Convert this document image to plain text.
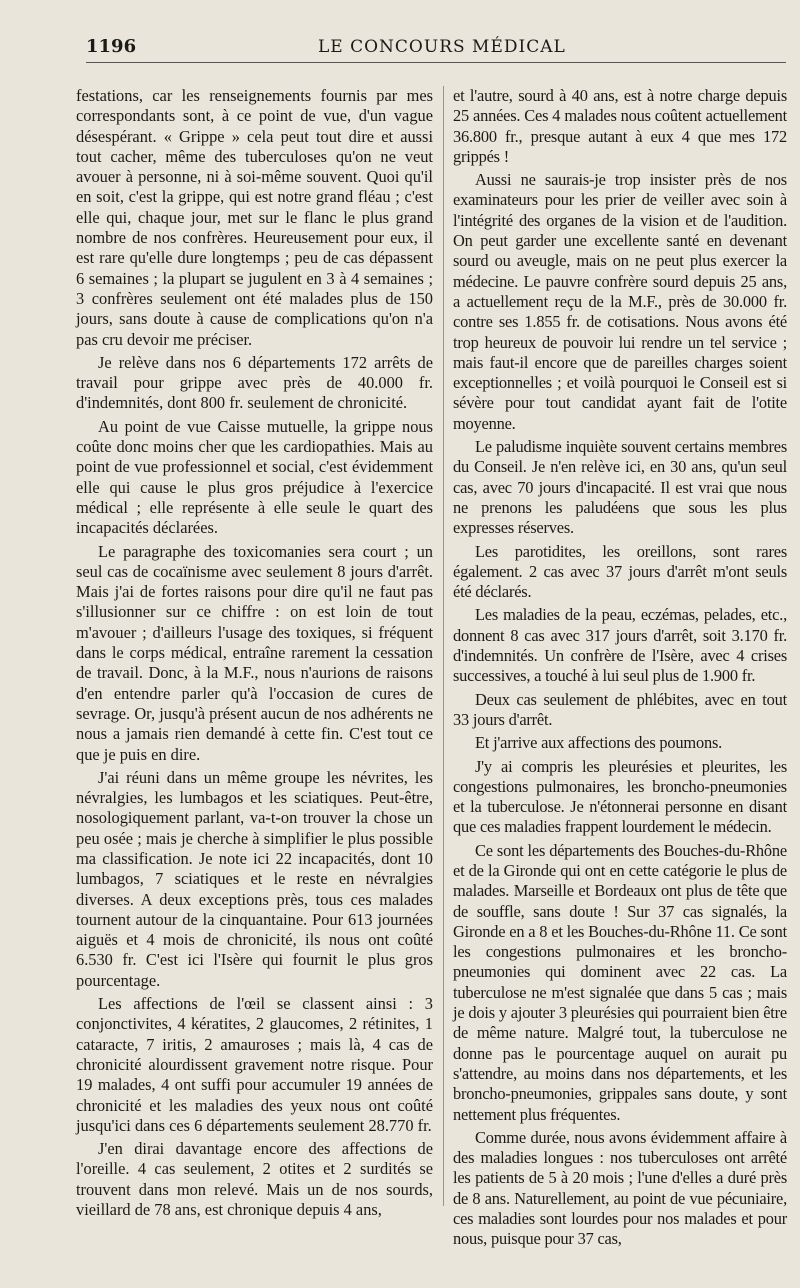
1196	LE CONCOURS MÉDICAL

festations, car les renseignements fournis par mes correspondants sont, à ce point de vue, d'un vague désespérant. « Grippe » cela peut tout dire et aussi tout cacher, même des tuberculoses qu'on ne veut avouer à personne, ni à soi-même souvent. Quoi qu'il en soit, c'est la grippe, qui est notre grand fléau ; c'est elle qui, chaque jour, met sur le flanc le plus grand nombre de nos confrères. Heureusement pour eux, il est rare qu'elle dure longtemps ; peu de cas dépassent 6 semaines ; la plupart se jugulent en 3 à 4 semaines ; 3 confrères seulement ont été malades plus de 150 jours, sans doute à cause de complications qu'on n'a pas cru devoir me préciser.

Je relève dans nos 6 départements 172 arrêts de travail pour grippe avec près de 40.000 fr. d'indemnités, dont 800 fr. seulement de chronicité.

Au point de vue Caisse mutuelle, la grippe nous coûte donc moins cher que les cardiopathies. Mais au point de vue professionnel et social, c'est évidemment elle qui cause le plus gros préjudice à l'exercice médical ; elle représente à elle seule le quart des incapacités déclarées.

Le paragraphe des toxicomanies sera court ; un seul cas de cocaïnisme avec seulement 8 jours d'arrêt. Mais j'ai de fortes raisons pour dire qu'il ne faut pas s'illusionner sur ce chiffre : on est loin de tout m'avouer ; d'ailleurs l'usage des toxiques, si fréquent dans le corps médical, entraîne rarement la cessation de travail. Donc, à la M.F., nous n'aurions de raisons d'en entendre parler qu'à l'occasion de cures de sevrage. Or, jusqu'à présent aucun de nos adhérents ne nous a jamais rien demandé à cette fin. C'est tout ce que je puis en dire.

J'ai réuni dans un même groupe les névrites, les névralgies, les lumbagos et les sciatiques. Peut-être, nosologiquement parlant, va-t-on trouver la chose un peu osée ; mais je cherche à simplifier le plus possible ma classification. Je note ici 22 incapacités, dont 10 lumbagos, 7 sciatiques et le reste en névralgies diverses. A deux exceptions près, tous ces malades tournent autour de la cinquantaine. Pour 613 journées aiguës et 4 mois de chronicité, ils nous ont coûté 6.530 fr. C'est ici l'Isère qui fournit le plus gros pourcentage.

Les affections de l'œil se classent ainsi : 3 conjonctivites, 4 kératites, 2 glaucomes, 2 rétinites, 1 cataracte, 7 iritis, 2 amauroses ; mais là, 4 cas de chronicité alourdissent gravement notre risque. Pour 19 malades, 4 ont suffi pour accumuler 19 années de chronicité et les maladies des yeux nous ont coûté jusqu'ici dans ces 6 départements seulement 28.770 fr.

J'en dirai davantage encore des affections de l'oreille. 4 cas seulement, 2 otites et 2 surdités se trouvent dans mon relevé. Mais un de nos sourds, vieillard de 78 ans, est chronique depuis 4 ans,

et l'autre, sourd à 40 ans, est à notre charge depuis 25 années. Ces 4 malades nous coûtent actuellement 36.800 fr., presque autant à eux 4 que mes 172 grippés !

Aussi ne saurais-je trop insister près de nos examinateurs pour les prier de veiller avec soin à l'intégrité des organes de la vision et de l'audition. On peut garder une excellente santé en devenant sourd ou aveugle, mais on ne peut plus exercer la médecine. Le pauvre confrère sourd depuis 25 ans, a actuellement reçu de la M.F., près de 30.000 fr. contre ses 1.855 fr. de cotisations. Nous avons été trop heureux de pouvoir lui rendre un tel service ; mais faut-il encore que de pareilles charges soient exceptionnelles ; et voilà pourquoi le Conseil est si sévère pour tout candidat ayant fait de l'otite moyenne.

Le paludisme inquiète souvent certains membres du Conseil. Je n'en relève ici, en 30 ans, qu'un seul cas, avec 70 jours d'incapacité. Il est vrai que nous ne prenons les paludéens que sous les plus expresses réserves.

Les parotidites, les oreillons, sont rares également. 2 cas avec 37 jours d'arrêt m'ont seuls été déclarés.

Les maladies de la peau, eczémas, pelades, etc., donnent 8 cas avec 317 jours d'arrêt, soit 3.170 fr. d'indemnités. Un confrère de l'Isère, avec 4 crises successives, a touché à lui seul plus de 1.900 fr.

Deux cas seulement de phlébites, avec en tout 33 jours d'arrêt.

Et j'arrive aux affections des poumons.

J'y ai compris les pleurésies et pleurites, les congestions pulmonaires, les broncho-pneumonies et la tuberculose. Je n'étonnerai personne en disant que ces maladies frappent lourdement le médecin.

Ce sont les départements des Bouches-du-Rhône et de la Gironde qui ont en cette catégorie le plus de malades. Marseille et Bordeaux ont plus de tête que de souffle, sans doute ! Sur 37 cas signalés, la Gironde en a 8 et les Bouches-du-Rhône 11. Ce sont les congestions pulmonaires et les broncho-pneumonies qui dominent avec 22 cas. La tuberculose ne m'est signalée que dans 5 cas ; mais je dois y ajouter 3 pleurésies qui pourraient bien être de même nature. Malgré tout, la tuberculose ne donne pas le pourcentage auquel on aurait pu s'attendre, au moins dans nos départements, et les broncho-pneumonies, grippales sans doute, y sont nettement plus fréquentes.

Comme durée, nous avons évidemment affaire à des maladies longues : nos tuberculoses ont arrêté les patients de 5 à 20 mois ; l'une d'elles a duré près de 8 ans. Naturellement, au point de vue pécuniaire, ces maladies sont lourdes pour nos malades et pour nous, puisque pour 37 cas,
